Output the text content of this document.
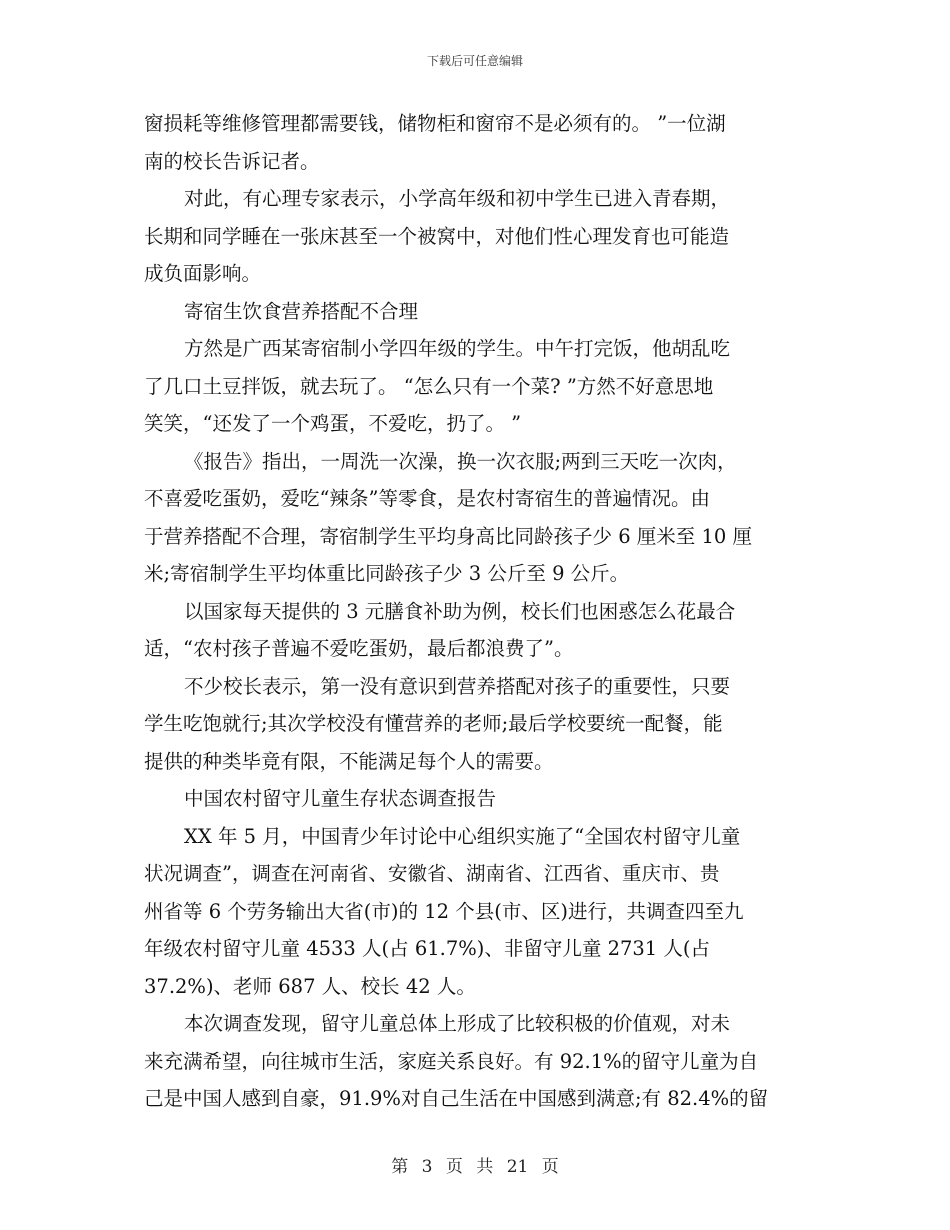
下载后可任意编辑

窗损耗等维修管理都需要钱，储物柜和窗帘不是必须有的。 ”一位湖

南的校长告诉记者。

对此，有心理专家表示，小学高年级和初中学生已进入青春期，

长期和同学睡在一张床甚至一个被窝中，对他们性心理发育也可能造

成负面影响。

寄宿生饮食营养搭配不合理

方然是广西某寄宿制小学四年级的学生。中午打完饭，他胡乱吃

了几口土豆拌饭，就去玩了。 “怎么只有一个菜? ”方然不好意思地

笑笑，“还发了一个鸡蛋，不爱吃，扔了。 ”

《报告》指出，一周洗一次澡，换一次衣服;两到三天吃一次肉，

不喜爱吃蛋奶，爱吃“辣条”等零食，是农村寄宿生的普遍情况。由

于营养搭配不合理，寄宿制学生平均身高比同龄孩子少 6 厘米至 10 厘

米;寄宿制学生平均体重比同龄孩子少 3 公斤至 9 公斤。

以国家每天提供的 3 元膳食补助为例，校长们也困惑怎么花最合

适，“农村孩子普遍不爱吃蛋奶，最后都浪费了”。

不少校长表示，第一没有意识到营养搭配对孩子的重要性，只要

学生吃饱就行;其次学校没有懂营养的老师;最后学校要统一配餐，能

提供的种类毕竟有限，不能满足每个人的需要。

中国农村留守儿童生存状态调查报告

XX 年 5 月，中国青少年讨论中心组织实施了“全国农村留守儿童

状况调查”，调查在河南省、安徽省、湖南省、江西省、重庆市、贵

州省等 6 个劳务输出大省(市)的 12 个县(市、区)进行，共调查四至九

年级农村留守儿童 4533 人(占 61.7%)、非留守儿童 2731 人(占

37.2%)、老师 687 人、校长 42 人。

本次调查发现，留守儿童总体上形成了比较积极的价值观，对未

来充满希望，向往城市生活，家庭关系良好。有 92.1%的留守儿童为自

己是中国人感到自豪，91.9%对自己生活在中国感到满意;有 82.4%的留

第 3 页 共 21 页
